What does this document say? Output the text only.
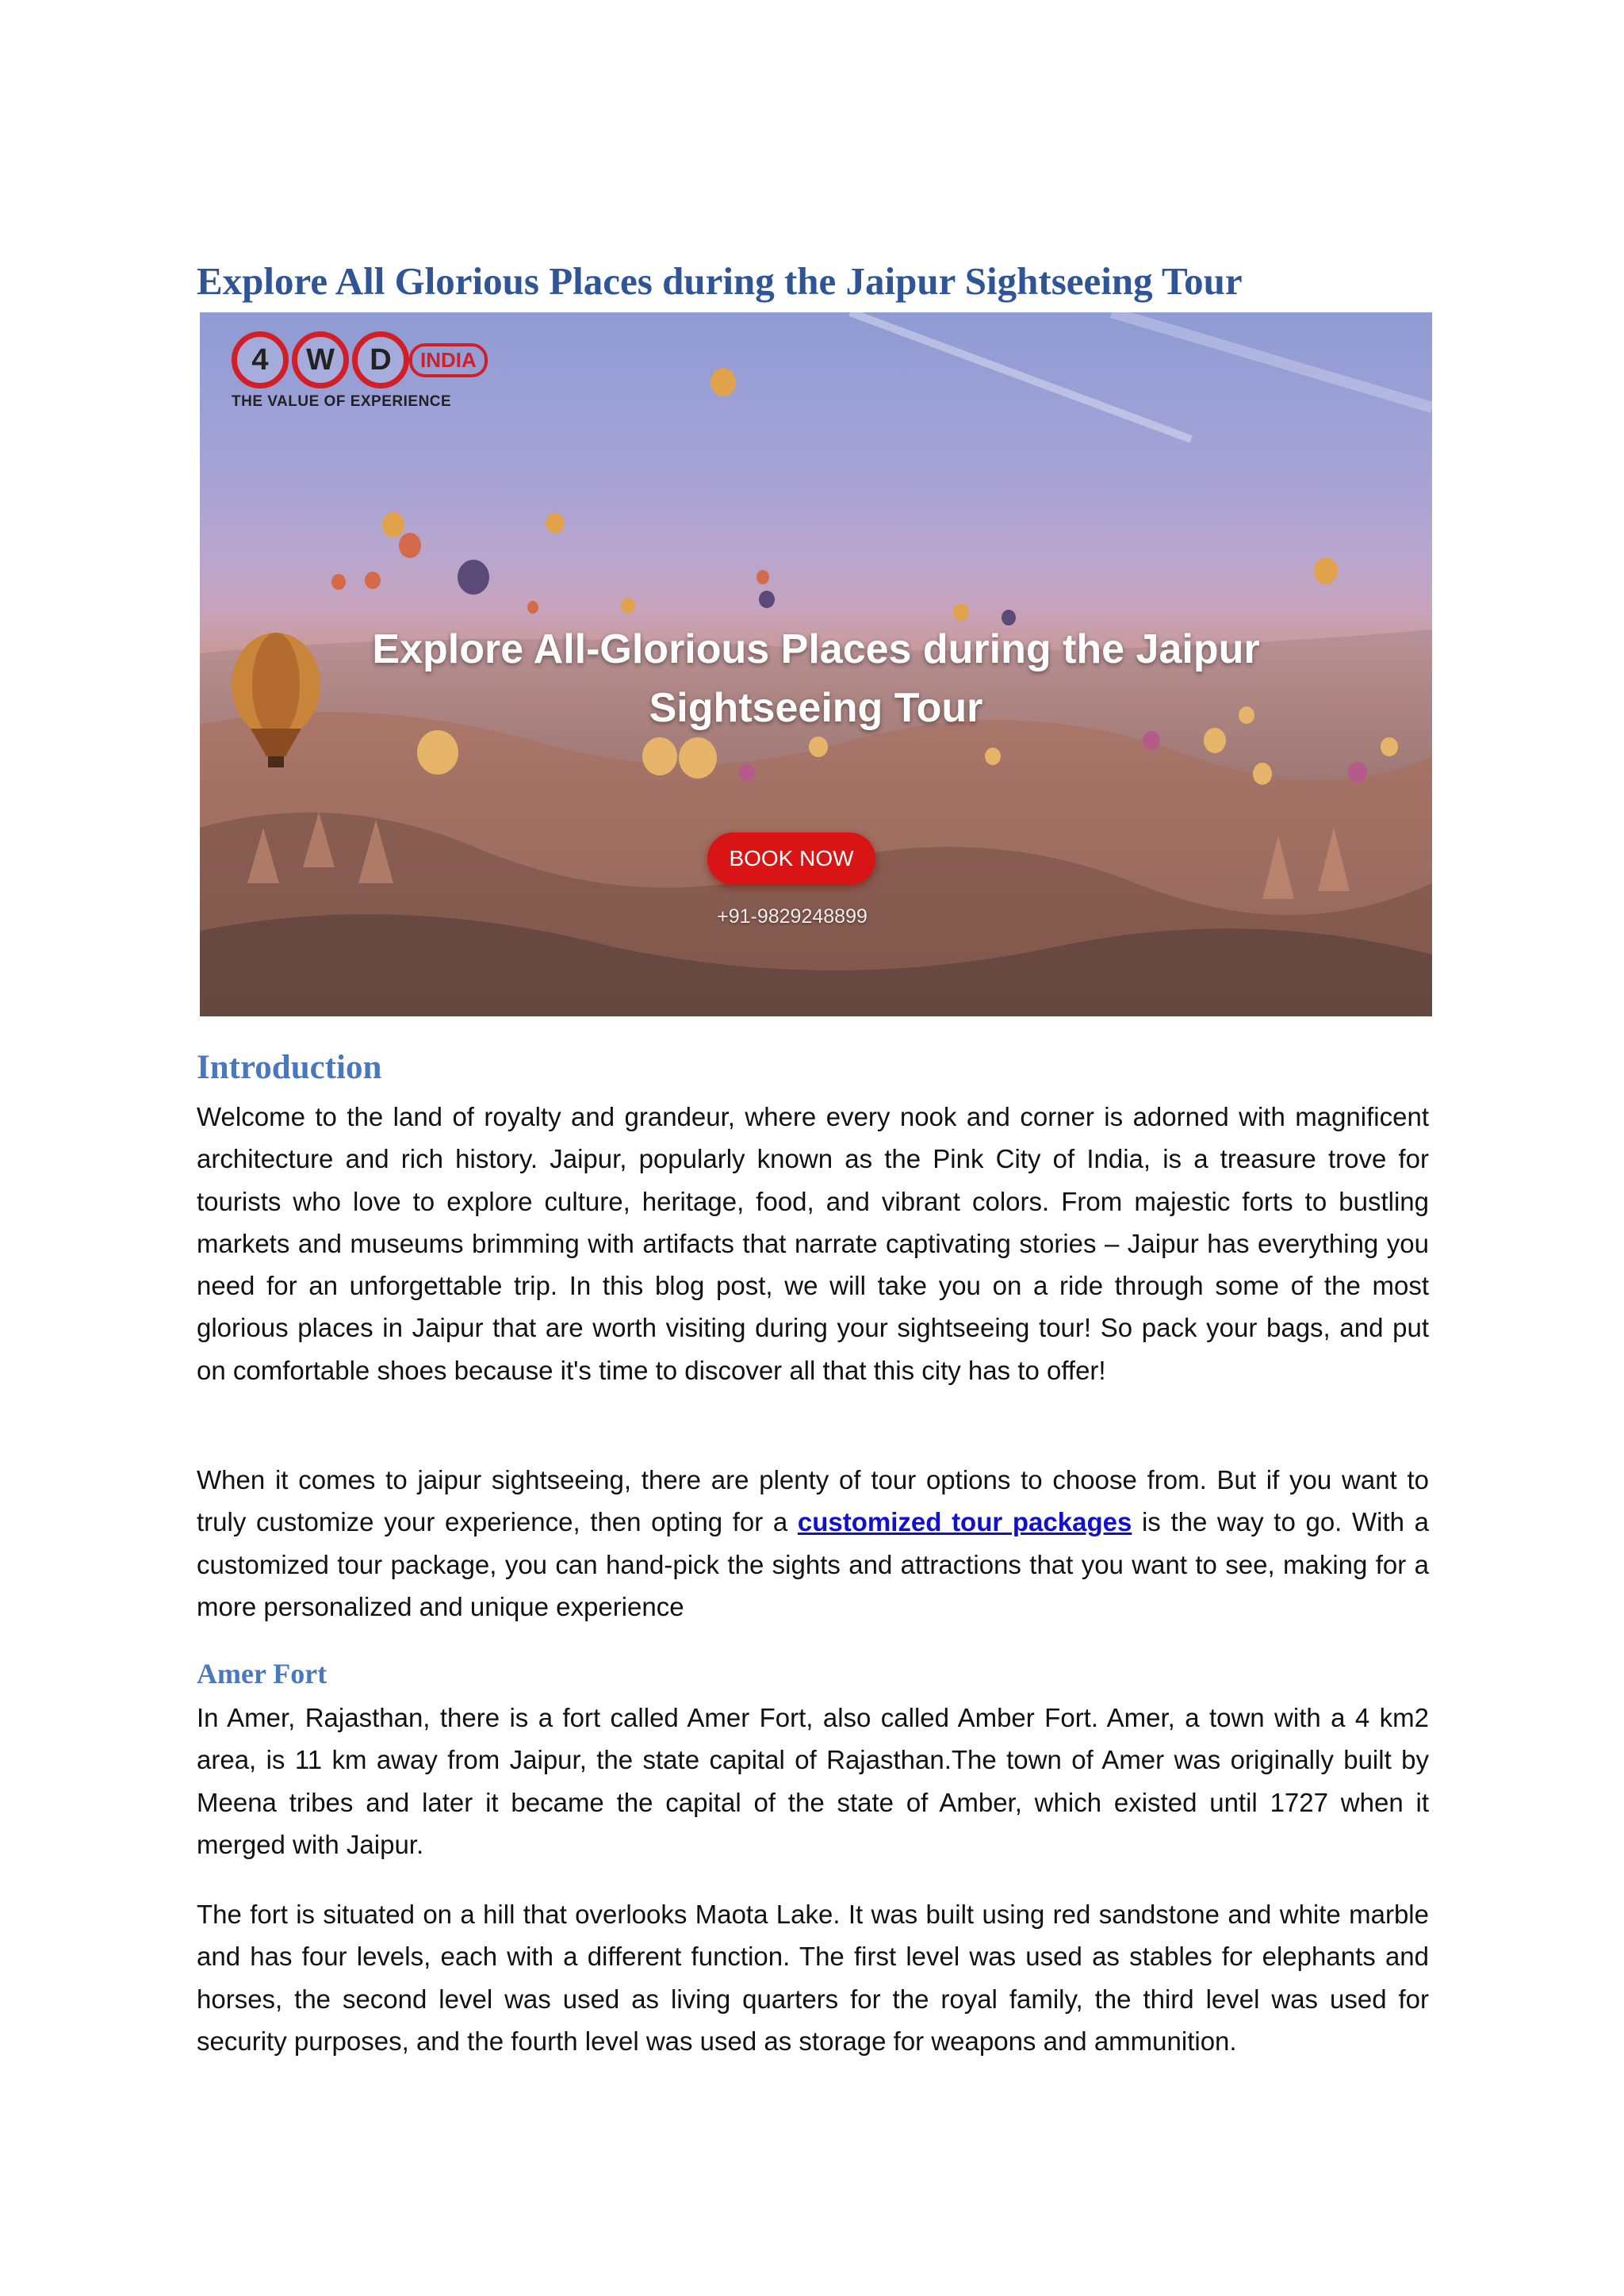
Explore All Glorious Places during the Jaipur Sightseeing Tour
4	W	D	INDIA
THE VALUE OF EXPERIENCE
Explore All-Glorious Places during the Jaipur
Sightseeing Tour
BOOK NOW
+91-9829248899
Introduction

Welcome to the land of royalty and grandeur, where every nook and corner is adorned with magnificent architecture and rich history. Jaipur, popularly known as the Pink City of India, is a treasure trove for tourists who love to explore culture, heritage, food, and vibrant colors. From majestic forts to bustling markets and museums brimming with artifacts that narrate captivating stories – Jaipur has everything you need for an unforgettable trip. In this blog post, we will take you on a ride through some of the most glorious places in Jaipur that are worth visiting during your sightseeing tour! So pack your bags, and put on comfortable shoes because it's time to discover all that this city has to offer!

When it comes to jaipur sightseeing, there are plenty of tour options to choose from. But if you want to truly customize your experience, then opting for a customized tour packages is the way to go. With a customized tour package, you can hand-pick the sights and attractions that you want to see, making for a more personalized and unique experience

Amer Fort

In Amer, Rajasthan, there is a fort called Amer Fort, also called Amber Fort. Amer, a town with a 4 km2 area, is 11 km away from Jaipur, the state capital of Rajasthan.The town of Amer was originally built by Meena tribes and later it became the capital of the state of Amber, which existed until 1727 when it merged with Jaipur.

The fort is situated on a hill that overlooks Maota Lake. It was built using red sandstone and white marble and has four levels, each with a different function. The first level was used as stables for elephants and horses, the second level was used as living quarters for the royal family, the third level was used for security purposes, and the fourth level was used as storage for weapons and ammunition.
